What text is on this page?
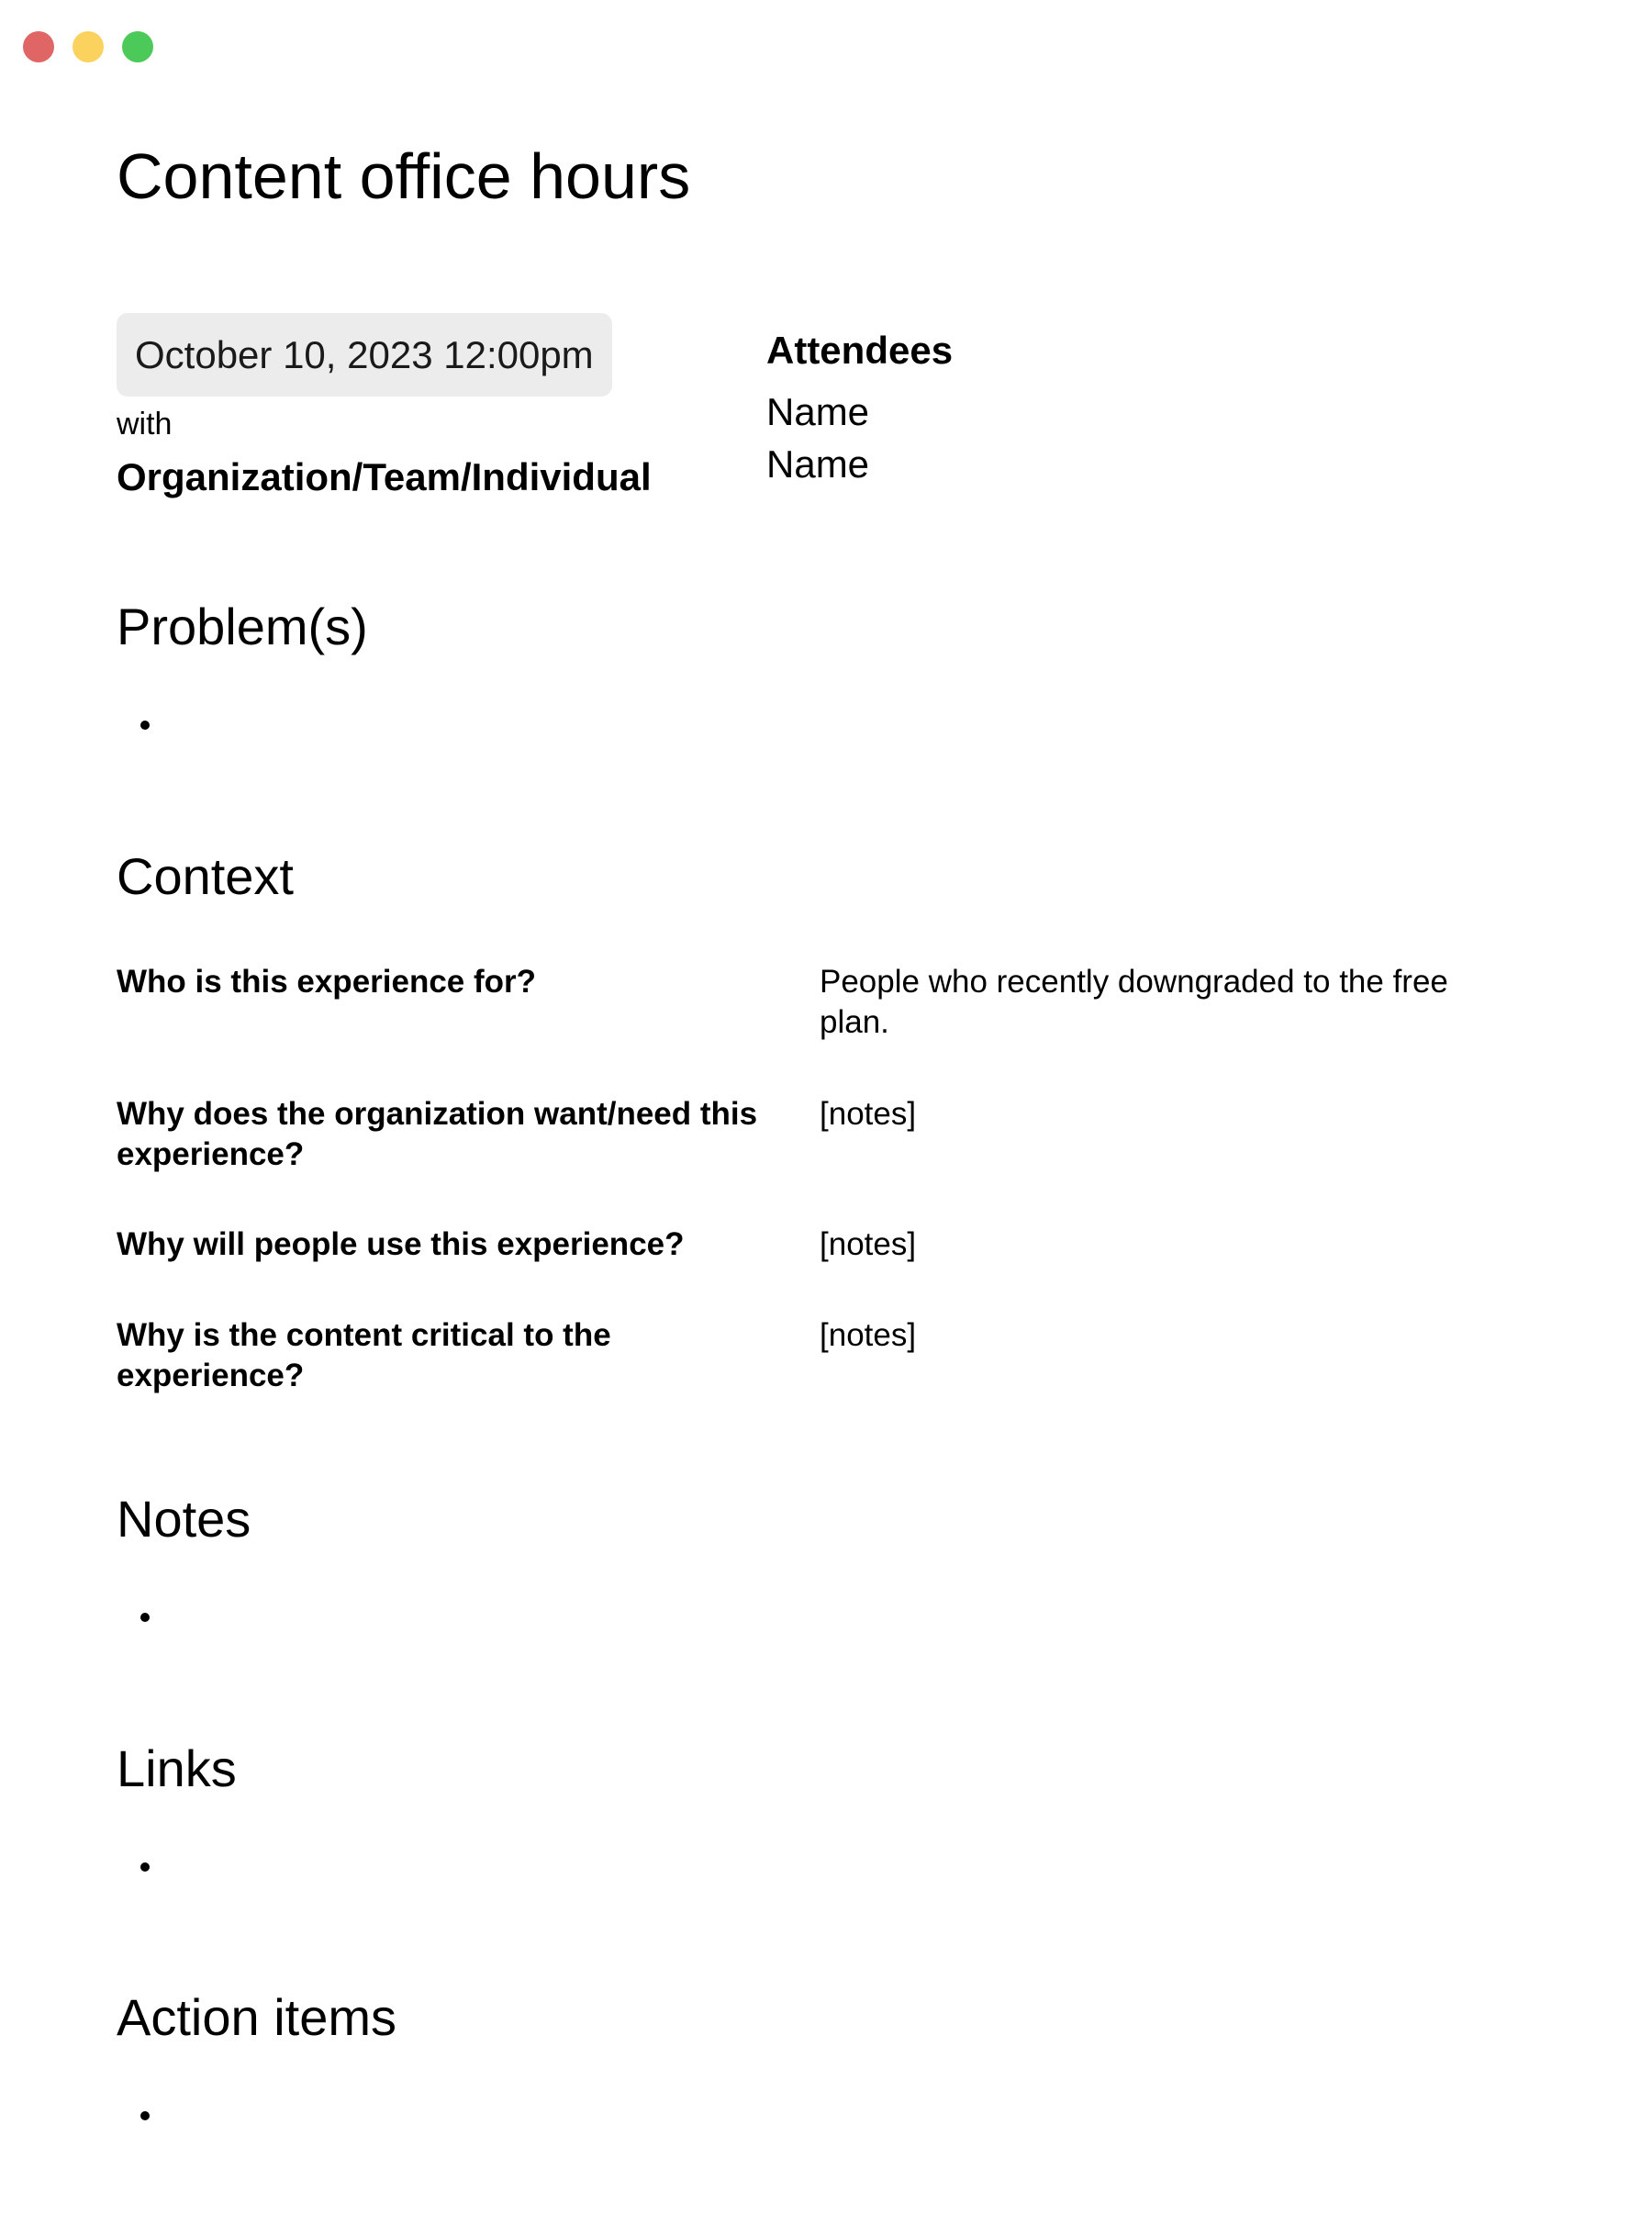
Content office hours
October 10, 2023 12:00pm
with
Organization/Team/Individual
Attendees
Name
Name
Problem(s)
Context
Who is this experience for?	People who recently downgraded to the free plan.
Why does the organization want/need this experience?
[notes]
Why will people use this experience?	[notes]
Why is the content critical to the experience?
[notes]
Notes
Links
Action items
